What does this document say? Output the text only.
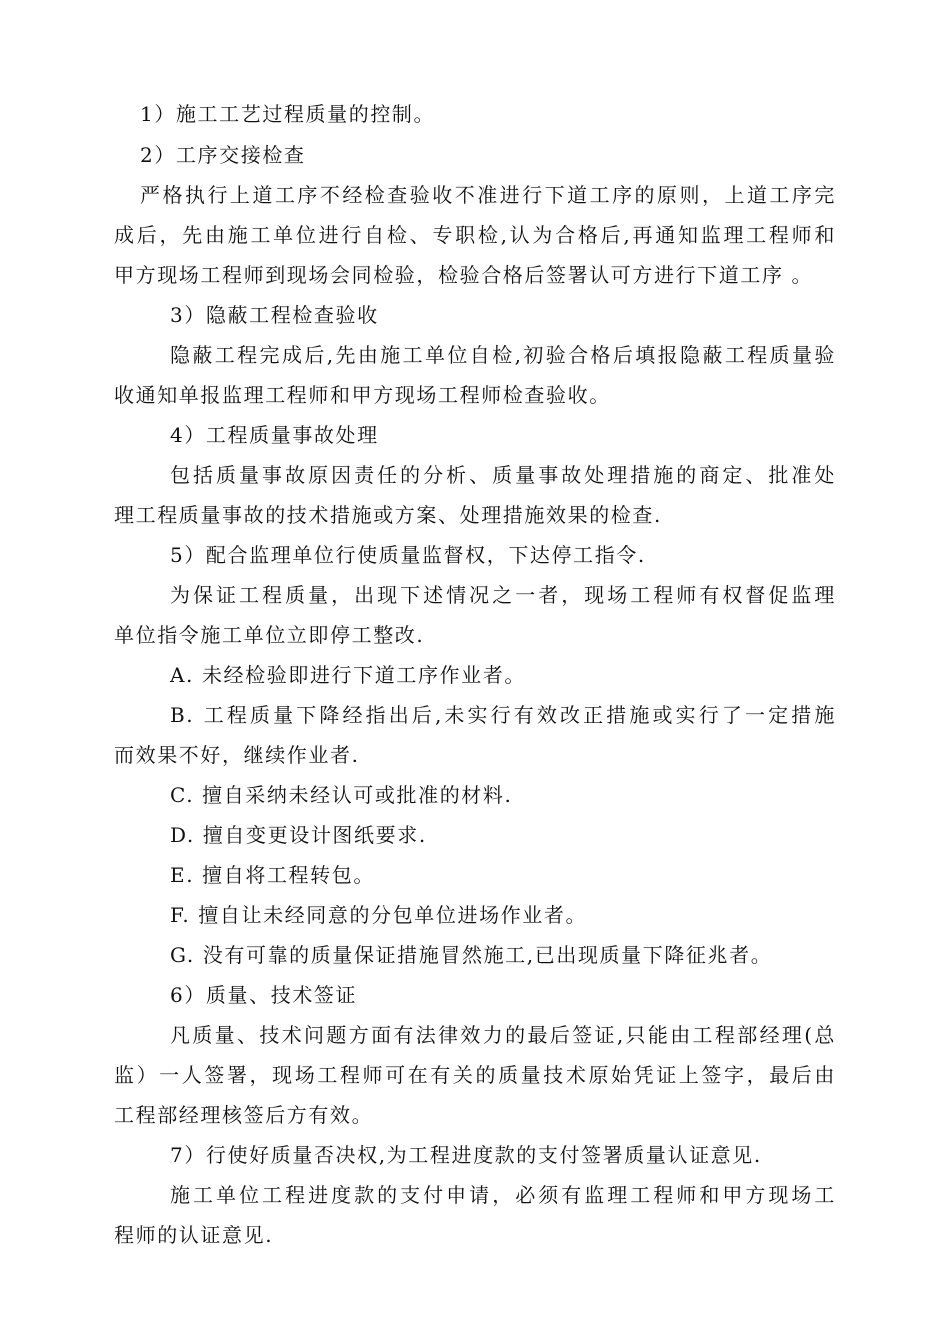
1）施工工艺过程质量的控制。
2）工序交接检查
严格执行上道工序不经检查验收不准进行下道工序的原则，上道工序完
成后，先由施工单位进行自检、专职检,认为合格后,再通知监理工程师和
甲方现场工程师到现场会同检验，检验合格后签署认可方进行下道工序 。
3）隐蔽工程检查验收
隐蔽工程完成后,先由施工单位自检,初验合格后填报隐蔽工程质量验
收通知单报监理工程师和甲方现场工程师检查验收。
4）工程质量事故处理
包括质量事故原因责任的分析、质量事故处理措施的商定、批准处
理工程质量事故的技术措施或方案、处理措施效果的检查.
5）配合监理单位行使质量监督权，下达停工指令.
为保证工程质量，出现下述情况之一者，现场工程师有权督促监理
单位指令施工单位立即停工整改.
A. 未经检验即进行下道工序作业者。
B. 工程质量下降经指出后,未实行有效改正措施或实行了一定措施
而效果不好，继续作业者.
C. 擅自采纳未经认可或批准的材料.
D. 擅自变更设计图纸要求.
E. 擅自将工程转包。
F. 擅自让未经同意的分包单位进场作业者。
G. 没有可靠的质量保证措施冒然施工,已出现质量下降征兆者。
6）质量、技术签证
凡质量、技术问题方面有法律效力的最后签证,只能由工程部经理(总
监）一人签署，现场工程师可在有关的质量技术原始凭证上签字，最后由
工程部经理核签后方有效。
7）行使好质量否决权,为工程进度款的支付签署质量认证意见.
施工单位工程进度款的支付申请，必须有监理工程师和甲方现场工
程师的认证意见.
